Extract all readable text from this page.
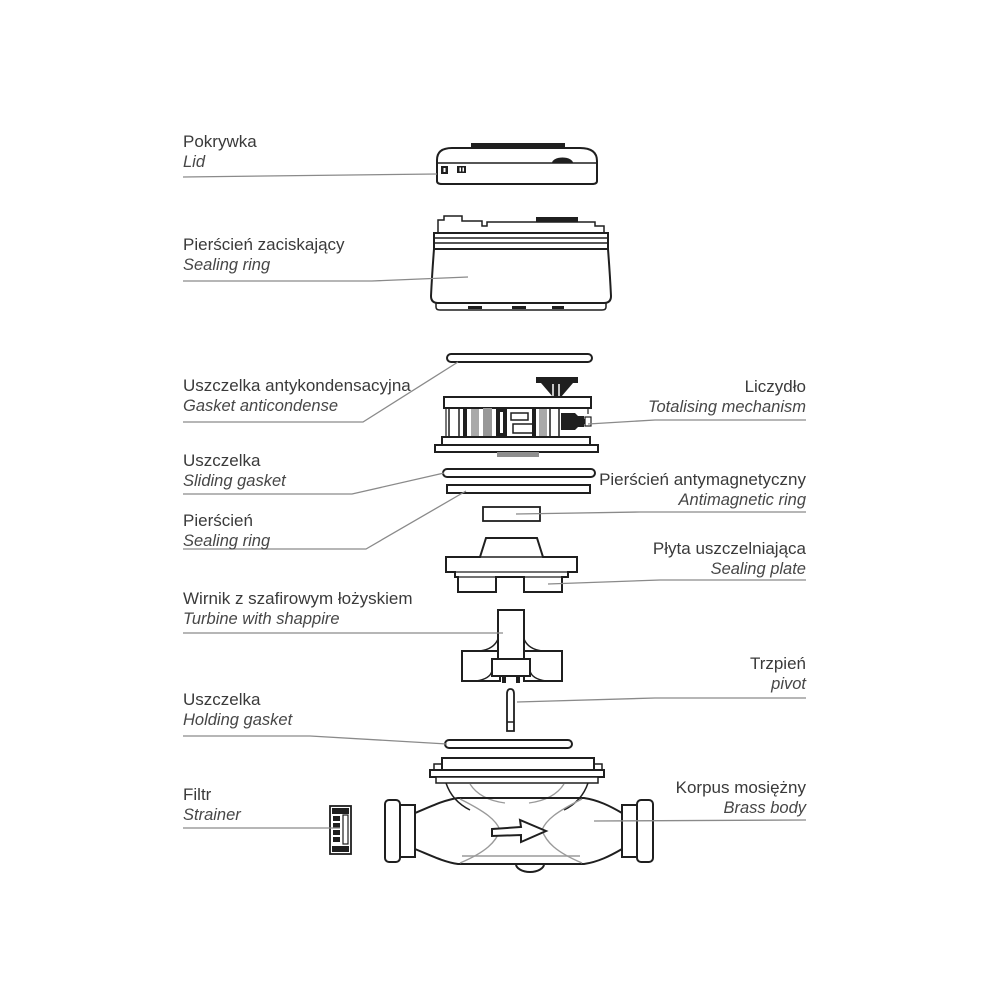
Pokrywka
Lid
Pierścień zaciskający
Sealing ring
Uszczelka antykondensacyjna
Gasket anticondense
Uszczelka
Sliding gasket
Pierścień
Sealing ring
Wirnik z szafirowym łożyskiem
Turbine with shappire
Uszczelka
Holding gasket
Filtr
Strainer
Liczydło
Totalising mechanism
Pierścień antymagnetyczny
Antimagnetic ring
Płyta uszczelniająca
Sealing plate
Trzpień
pivot
Korpus mosiężny
Brass body
